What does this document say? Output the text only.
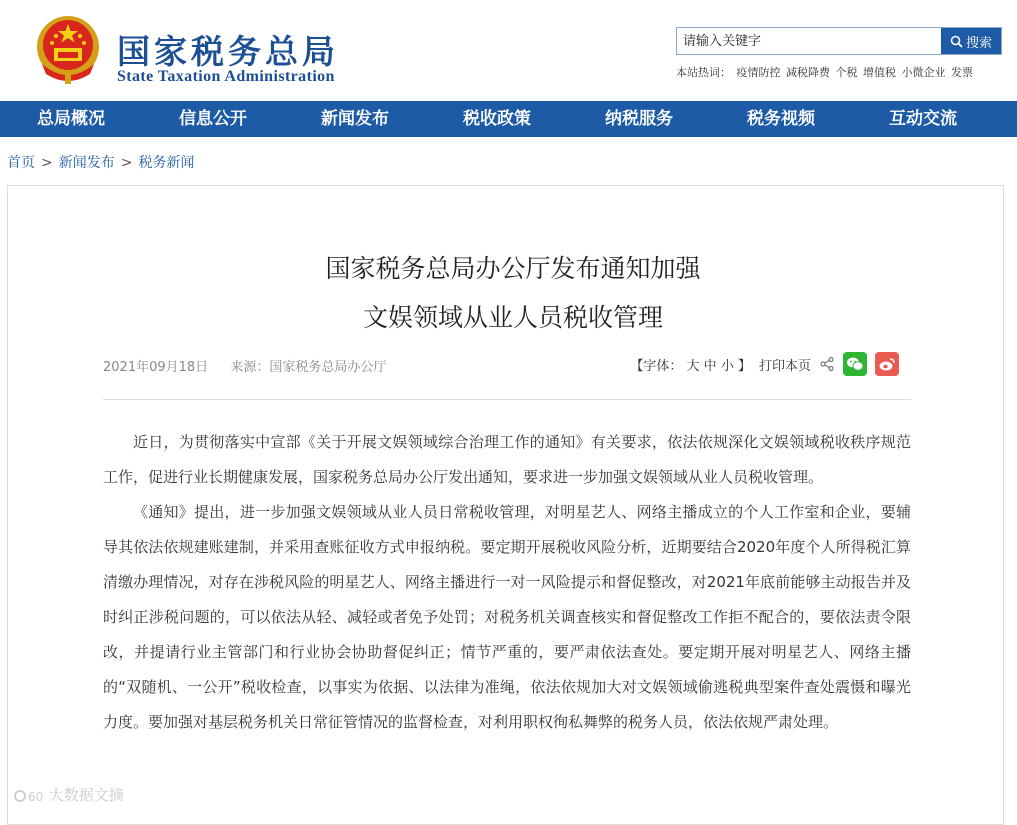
国家税务总局
State Taxation Administration
请输入关键字
搜索
本站热词： 疫情防控 减税降费 个税 增值税 小微企业 发票
总局概况	信息公开	新闻发布	税收政策	纳税服务	税务视频	互动交流
首页 > 新闻发布 > 税务新闻
国家税务总局办公厅发布通知加强
文娱领域从业人员税收管理
2021年09月18日 来源：国家税务总局办公厅	【字体： 大 中 小 】 打印本页

近日，为贯彻落实中宣部《关于开展文娱领域综合治理工作的通知》有关要求，依法依规深化文娱领域税收秩序规范工作，促进行业长期健康发展，国家税务总局办公厅发出通知，要求进一步加强文娱领域从业人员税收管理。

《通知》提出，进一步加强文娱领域从业人员日常税收管理，对明星艺人、网络主播成立的个人工作室和企业，要辅导其依法依规建账建制，并采用查账征收方式申报纳税。要定期开展税收风险分析，近期要结合2020年度个人所得税汇算清缴办理情况，对存在涉税风险的明星艺人、网络主播进行一对一风险提示和督促整改，对2021年底前能够主动报告并及时纠正涉税问题的，可以依法从轻、减轻或者免予处罚；对税务机关调查核实和督促整改工作拒不配合的，要依法责令限改，并提请行业主管部门和行业协会协助督促纠正；情节严重的，要严肃依法查处。要定期开展对明星艺人、网络主播的“双随机、一公开”税收检查，以事实为依据、以法律为准绳，依法依规加大对文娱领域偷逃税典型案件查处震慑和曝光力度。要加强对基层税务机关日常征管情况的监督检查，对利用职权徇私舞弊的税务人员，依法依规严肃处理。

60 大数据文摘
